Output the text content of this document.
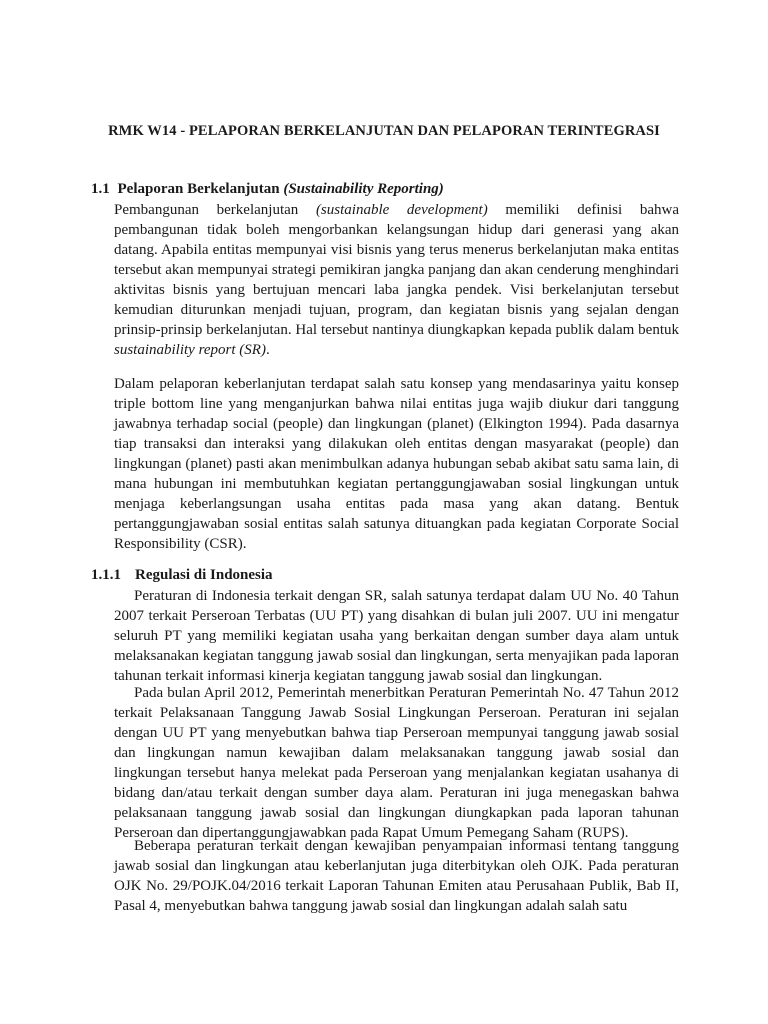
RMK W14 - PELAPORAN BERKELANJUTAN DAN PELAPORAN TERINTEGRASI
1.1 Pelaporan Berkelanjutan (Sustainability Reporting)

Pembangunan berkelanjutan (sustainable development) memiliki definisi bahwa pembangunan tidak boleh mengorbankan kelangsungan hidup dari generasi yang akan datang. Apabila entitas mempunyai visi bisnis yang terus menerus berkelanjutan maka entitas tersebut akan mempunyai strategi pemikiran jangka panjang dan akan cenderung menghindari aktivitas bisnis yang bertujuan mencari laba jangka pendek. Visi berkelanjutan tersebut kemudian diturunkan menjadi tujuan, program, dan kegiatan bisnis yang sejalan dengan prinsip-prinsip berkelanjutan. Hal tersebut nantinya diungkapkan kepada publik dalam bentuk sustainability report (SR).

Dalam pelaporan keberlanjutan terdapat salah satu konsep yang mendasarinya yaitu konsep triple bottom line yang menganjurkan bahwa nilai entitas juga wajib diukur dari tanggung jawabnya terhadap social (people) dan lingkungan (planet) (Elkington 1994). Pada dasarnya tiap transaksi dan interaksi yang dilakukan oleh entitas dengan masyarakat (people) dan lingkungan (planet) pasti akan menimbulkan adanya hubungan sebab akibat satu sama lain, di mana hubungan ini membutuhkan kegiatan pertanggungjawaban sosial lingkungan untuk menjaga keberlangsungan usaha entitas pada masa yang akan datang. Bentuk pertanggungjawaban sosial entitas salah satunya dituangkan pada kegiatan Corporate Social Responsibility (CSR).

1.1.1 Regulasi di Indonesia

Peraturan di Indonesia terkait dengan SR, salah satunya terdapat dalam UU No. 40 Tahun 2007 terkait Perseroan Terbatas (UU PT) yang disahkan di bulan juli 2007. UU ini mengatur seluruh PT yang memiliki kegiatan usaha yang berkaitan dengan sumber daya alam untuk melaksanakan kegiatan tanggung jawab sosial dan lingkungan, serta menyajikan pada laporan tahunan terkait informasi kinerja kegiatan tanggung jawab sosial dan lingkungan.

Pada bulan April 2012, Pemerintah menerbitkan Peraturan Pemerintah No. 47 Tahun 2012 terkait Pelaksanaan Tanggung Jawab Sosial Lingkungan Perseroan. Peraturan ini sejalan dengan UU PT yang menyebutkan bahwa tiap Perseroan mempunyai tanggung jawab sosial dan lingkungan namun kewajiban dalam melaksanakan tanggung jawab sosial dan lingkungan tersebut hanya melekat pada Perseroan yang menjalankan kegiatan usahanya di bidang dan/atau terkait dengan sumber daya alam. Peraturan ini juga menegaskan bahwa pelaksanaan tanggung jawab sosial dan lingkungan diungkapkan pada laporan tahunan Perseroan dan dipertanggungjawabkan pada Rapat Umum Pemegang Saham (RUPS).

Beberapa peraturan terkait dengan kewajiban penyampaian informasi tentang tanggung jawab sosial dan lingkungan atau keberlanjutan juga diterbitykan oleh OJK. Pada peraturan OJK No. 29/POJK.04/2016 terkait Laporan Tahunan Emiten atau Perusahaan Publik, Bab II, Pasal 4, menyebutkan bahwa tanggung jawab sosial dan lingkungan adalah salah satu
